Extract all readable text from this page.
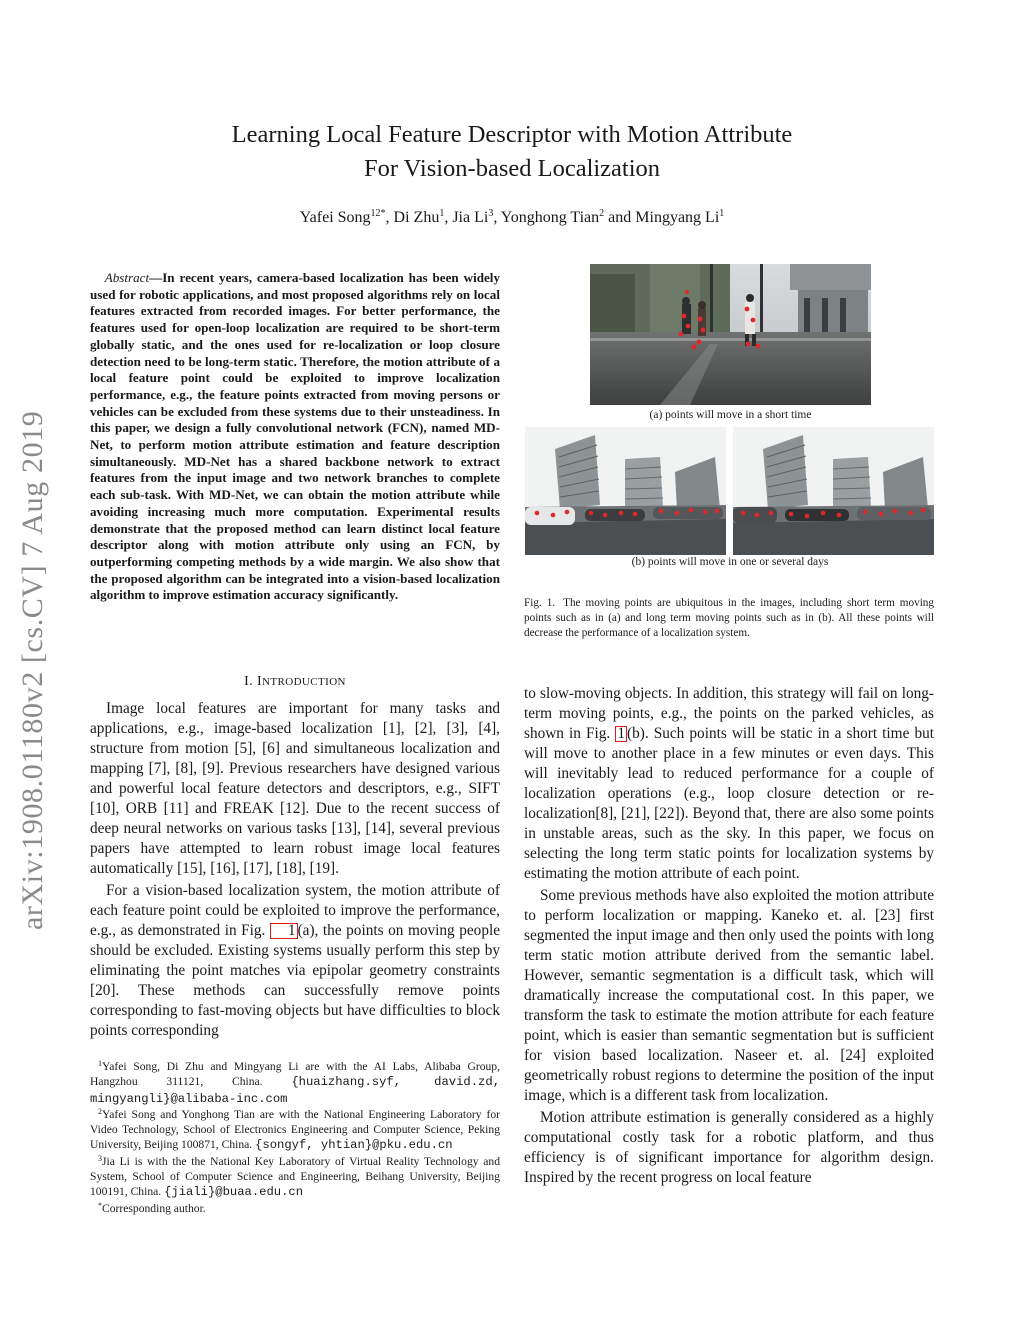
arXiv:1908.01180v2 [cs.CV] 7 Aug 2019
Learning Local Feature Descriptor with Motion Attribute
For Vision-based Localization
Yafei Song$^{12*}$, Di Zhu$^1$, Jia Li$^3$, Yonghong Tian$^2$ and Mingyang Li$^1$
Abstract—In recent years, camera-based localization has been widely used for robotic applications, and most proposed algorithms rely on local features extracted from recorded images. For better performance, the features used for open-loop localization are required to be short-term globally static, and the ones used for re-localization or loop closure detection need to be long-term static. Therefore, the motion attribute of a local feature point could be exploited to improve localization performance, e.g., the feature points extracted from moving persons or vehicles can be excluded from these systems due to their unsteadiness. In this paper, we design a fully convolutional network (FCN), named MD-Net, to perform motion attribute estimation and feature description simultaneously. MD-Net has a shared backbone network to extract features from the input image and two network branches to complete each sub-task. With MD-Net, we can obtain the motion attribute while avoiding increasing much more computation. Experimental results demonstrate that the proposed method can learn distinct local feature descriptor along with motion attribute only using an FCN, by outperforming competing methods by a wide margin. We also show that the proposed algorithm can be integrated into a vision-based localization algorithm to improve estimation accuracy significantly.
I. INTRODUCTION

Image local features are important for many tasks and applications, e.g., image-based localization [1], [2], [3], [4], structure from motion [5], [6] and simultaneous localization and mapping [7], [8], [9]. Previous researchers have designed various and powerful local feature detectors and descriptors, e.g., SIFT [10], ORB [11] and FREAK [12]. Due to the recent success of deep neural networks on various tasks [13], [14], several previous papers have attempted to learn robust image local features automatically [15], [16], [17], [18], [19].

For a vision-based localization system, the motion attribute of each feature point could be exploited to improve the performance, e.g., as demonstrated in Fig. 1 (a), the points on moving people should be excluded. Existing systems usually perform this step by eliminating the point matches via epipolar geometry constraints [20]. These methods can successfully remove points corresponding to fast-moving objects but have difficulties to block points corresponding

$^1$Yafei Song, Di Zhu and Mingyang Li are with the AI Labs, Alibaba Group, Hangzhou 311121, China. {huaizhang.syf, david.zd, mingyangli}@alibaba-inc.com

$^2$Yafei Song and Yonghong Tian are with the National Engineering Laboratory for Video Technology, School of Electronics Engineering and Computer Science, Peking University, Beijing 100871, China. {songyf, yhtian}@pku.edu.cn

$^3$Jia Li is with the the National Key Laboratory of Virtual Reality Technology and System, School of Computer Science and Engineering, Beihang University, Beijing 100191, China. {jiali}@buaa.edu.cn

*Corresponding author.

to slow-moving objects. In addition, this strategy will fail on long-term moving points, e.g., the points on the parked vehicles, as shown in Fig. 1 (b). Such points will be static in a short time but will move to another place in a few minutes or even days. This will inevitably lead to reduced performance for a couple of localization operations (e.g., loop closure detection or re-localization[8], [21], [22]). Beyond that, there are also some points in unstable areas, such as the sky. In this paper, we focus on selecting the long term static points for localization systems by estimating the motion attribute of each point.

Some previous methods have also exploited the motion attribute to perform localization or mapping. Kaneko et. al. [23] first segmented the input image and then only used the points with long term static motion attribute derived from the semantic label. However, semantic segmentation is a difficult task, which will dramatically increase the computational cost. In this paper, we transform the task to estimate the motion attribute for each feature point, which is easier than semantic segmentation but is sufficient for vision based localization. Naseer et. al. [24] exploited geometrically robust regions to determine the position of the input image, which is a different task from localization.

Motion attribute estimation is generally considered as a highly computational costly task for a robotic platform, and thus efficiency is of significant importance for algorithm design. Inspired by the recent progress on local feature

(a) points will move in a short time
(b) points will move in one or several days
Fig. 1. The moving points are ubiquitous in the images, including short term moving points such as in (a) and long term moving points such as in (b). All these points will decrease the performance of a localization system.
